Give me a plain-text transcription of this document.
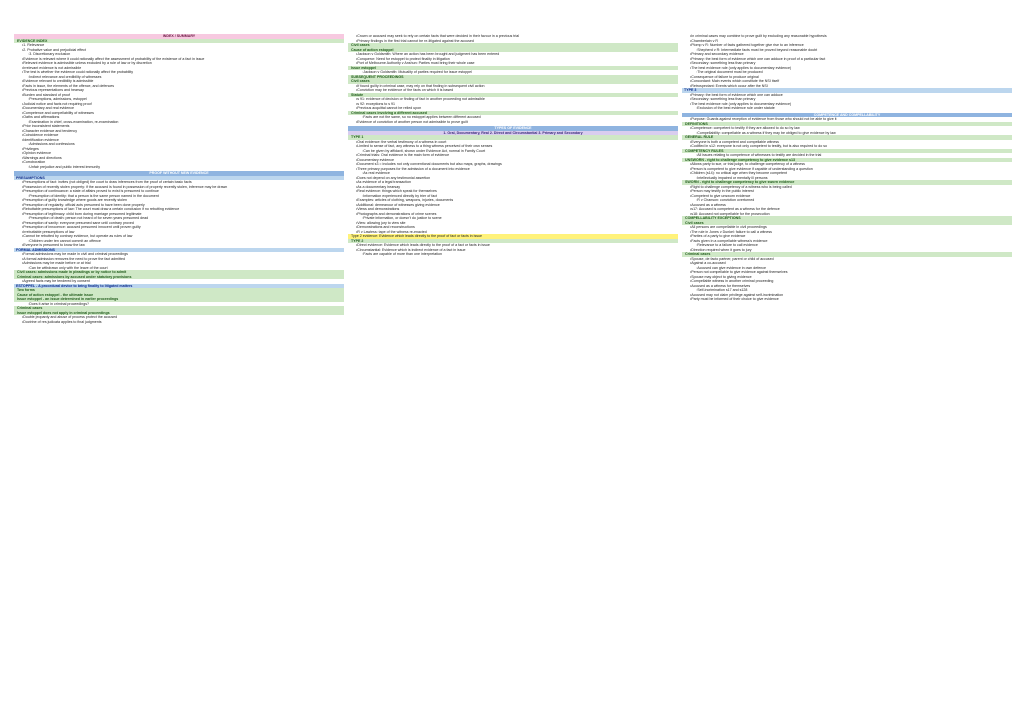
INDEX / SUMMARY
EVIDENCE INDEX
• 1. Relevance
• 2. Probative value and prejudicial effect
◦ 3. Discretionary exclusion
• Evidence is relevant where it could rationally affect the assessment of probability of the existence of a fact in issue
• Relevant evidence is admissible unless excluded by a rule of law or by discretion
• Irrelevant evidence is not admissible
• The test is whether the evidence could rationally affect the probability
◦ Indirect relevance and credibility of witnesses
• Evidence relevant to credibility is admissible
• Facts in issue, the elements of the offence, and defences
• Previous representations and hearsay
• Burden and standard of proof
◦ Presumptions, admissions, estoppel
• Judicial notice and facts not requiring proof
• Documentary and real evidence
• Competence and compellability of witnesses
• Oaths and affirmations
◦ Examination in chief, cross-examination, re-examination
• Prior inconsistent statements
• Character evidence and tendency
• Coincidence evidence
• Identification evidence
◦ Admissions and confessions
• Privileges
• Opinion evidence
• Warnings and directions
• Corroboration
◦ Unfair prejudice and public interest immunity
PROOF WITHOUT NEW EVIDENCE
PRESUMPTIONS
• Presumptions of fact: invites (not obliged) the court to draw inferences from the proof of certain basic facts
• Possession of recently stolen property: if the accused is found in possession of property recently stolen, inference may be drawn
• Presumption of continuance: a state of affairs proved to exist is presumed to continue
◦ Presumption of identity: that a person is the same person named in the document
• Presumption of guilty knowledge where goods are recently stolen
• Presumption of regularity: official acts presumed to have been done properly
• Rebuttable presumptions of law: The court must draw a certain conclusion if no rebutting evidence
• Presumption of legitimacy: child born during marriage presumed legitimate
◦ Presumption of death: person not heard of for seven years presumed dead
• Presumption of sanity: everyone presumed sane until contrary proved
• Presumption of innocence: accused presumed innocent until proven guilty
• Irrebuttable presumptions of law
• Cannot be rebutted by contrary evidence, but operate as rules of law
◦ Children under ten cannot commit an offence
• Everyone is presumed to know the law
FORMAL ADMISSIONS
• Formal admissions may be made in civil and criminal proceedings
• A formal admission removes the need to prove the fact admitted
• Admissions may be made before or at trial
◦ Can be withdrawn only with the leave of the court
Civil cases: admissions made in pleadings or by notice to admit
Criminal cases: admissions by accused under statutory provisions
• Agreed facts may be tendered by consent
ESTOPPEL - A procedural device to bring finality to litigated matters
Two forms
Cause of action estoppel - the ultimate issue
Issue estoppel - an issue determined in earlier proceedings
◦ Does it arise in criminal proceedings?
Criminal cases
Issue estoppel does not apply in criminal proceedings
• Double jeopardy and abuse of process protect the accused
• Doctrine of res judicata applies to final judgments
• Crown or accused may seek to rely on certain facts that were decided in their favour in a previous trial
• Primary findings in the first trial cannot be re-litigated against the accused
Civil cases
Cause of action estoppel
• Jackson v Goldsmith: Where an action has been brought and judgment has been entered
• Conqueror: Need for estoppel to protect finality in litigation
• Port of Melbourne Authority v Anshun: Parties must bring their whole case
Issue estoppel
◦ Jackson v Goldsmith: Mutuality of parties required for issue estoppel
SUBSEQUENT PROCEEDINGS
Civil cases
• If found guilty in criminal case, may rely on that finding in subsequent civil action
• Conviction may be evidence of the facts on which it is based
Statute
• s 91: evidence of decision or finding of fact in another proceeding not admissible
• s 92: exceptions to s 91
• Previous acquittal cannot be relied upon
Criminal cases involving a different accused
◦ Facts are not the same, so no estoppel applies between different accused
• Evidence of conviction of another person not admissible to prove guilt
TYPES OF EVIDENCE
1. Oral, Documentary, Real 2. Direct and Circumstantial 3. Primary and Secondary
TYPE 1
• Oral evidence: the verbal testimony of a witness in court
• Limited to sense of fact, any witness to a thing witness perceived of their own senses
◦ Can be given by affidavit, shown under Evidence Act, normal in Family Court
• Criminal trials: Oral evidence is the main form of evidence
• Documentary evidence
• Document s3 = includes not only conventional documents but also maps, graphs, drawings
• Three primary purposes for the admission of a document into evidence
◦ As real evidence
• Does not depend on any testimonial assertion
• As evidence of a legal transaction
• As a documentary hearsay
• Real evidence: things which speak for themselves
◦ Information experienced directly by trier of fact
• Examples: articles of clothing, weapons, injuries, documents
• Additional: demeanour of witnesses giving evidence
• Views and demonstrations
• Photographs and demonstrations of crime scenes
◦ Private information, or doesn't do justice to scene
• View: allowing jury to view site
• Demonstrations and reconstructions
• R v Lawless: tape of the witness re-enacted
Type 2 evidence: Evidence which leads directly to the proof of fact or facts in issue
TYPE 2
• Direct evidence: Evidence which leads directly to the proof of a fact or facts in issue
• Circumstantial: Evidence which is indirect evidence of a fact in issue
◦ Facts are capable of more than one interpretation
• In criminal cases may combine to prove guilt by excluding any reasonable hypothesis
• Chamberlain v R
• Plomp v R: Number of facts gathered together give rise to an inference
◦ Shepherd v R: Intermediate facts must be proved beyond reasonable doubt
• Primary and secondary evidence
• Primary: the best form of evidence which one can adduce in proof of a particular fact
• Secondary: something less than primary
• The best evidence rule (only applies to documentary evidence)
◦ The original document must be produced
• Consequence of failure to produce original
• Concordant: Main events which constitute the NSI itself
• Retrospectant: Events which occur after the NSI
TYPE 3
• Primary: the best form of evidence which one can adduce
• Secondary: something less than primary
• The best evidence rule (only applies to documentary evidence)
◦ Exclusion of the best evidence rule under statute
COMPETENCE AND COMPELLABILITY
• Purpose: Guards against reception of evidence from those who should not be able to give it
DEFINITIONS
• Competence: competent to testify if they are allowed to do so by law
◦ Compellability: compellable as a witness if they may be obliged to give evidence by law
GENERAL RULE
• Everyone is both a competent and compellable witness
• Codified in s12: everyone is not only competent to testify, but is also required to do so
COMPETENCY RULES
◦ All issues relating to competence of witnesses to testify are decided in the trial
UNSWORN - right to challenge competency to give evidence s13
• Allows party to sue, or trial judge, to challenge competency of a witness
• Person is competent to give evidence if capable of understanding a question
• Children (s14): no critical age when they become competent
◦ Intellectually impaired or mentally ill persons
SWORN - right to challenge competency to give sworn evidence
• Right to challenge competency of a witness who is being called
• Person may testify in the public interest
• Competent to give unsworn evidence
◦ R v Chanson: conviction overturned
• Accused as a witness
• s17: Accused is competent as a witness for the defence
• s18: Accused not compellable for the prosecution
COMPELLABILITY EXCEPTIONS
Civil cases
• All persons are compellable in civil proceedings
• The rule in Jones v Dunkel: failure to call a witness
• Parties of a party to give evidence
• Facts given in a compellable witness's evidence
◦ Relevance to a failure to call evidence
• Direction required when it goes to jury
Criminal cases
• Spouse, de facto partner, parent or child of accused
• Against a co-accused
◦ Accused can give evidence in own defence
• Person not compellable to give evidence against themselves
• Spouse may object to giving evidence
• Compellable witness in another criminal proceeding
• Accused as a witness for themselves
◦ Self-incrimination s17 and s128
• Accused may not claim privilege against self-incrimination
• Party must be informed of their choice to give evidence
